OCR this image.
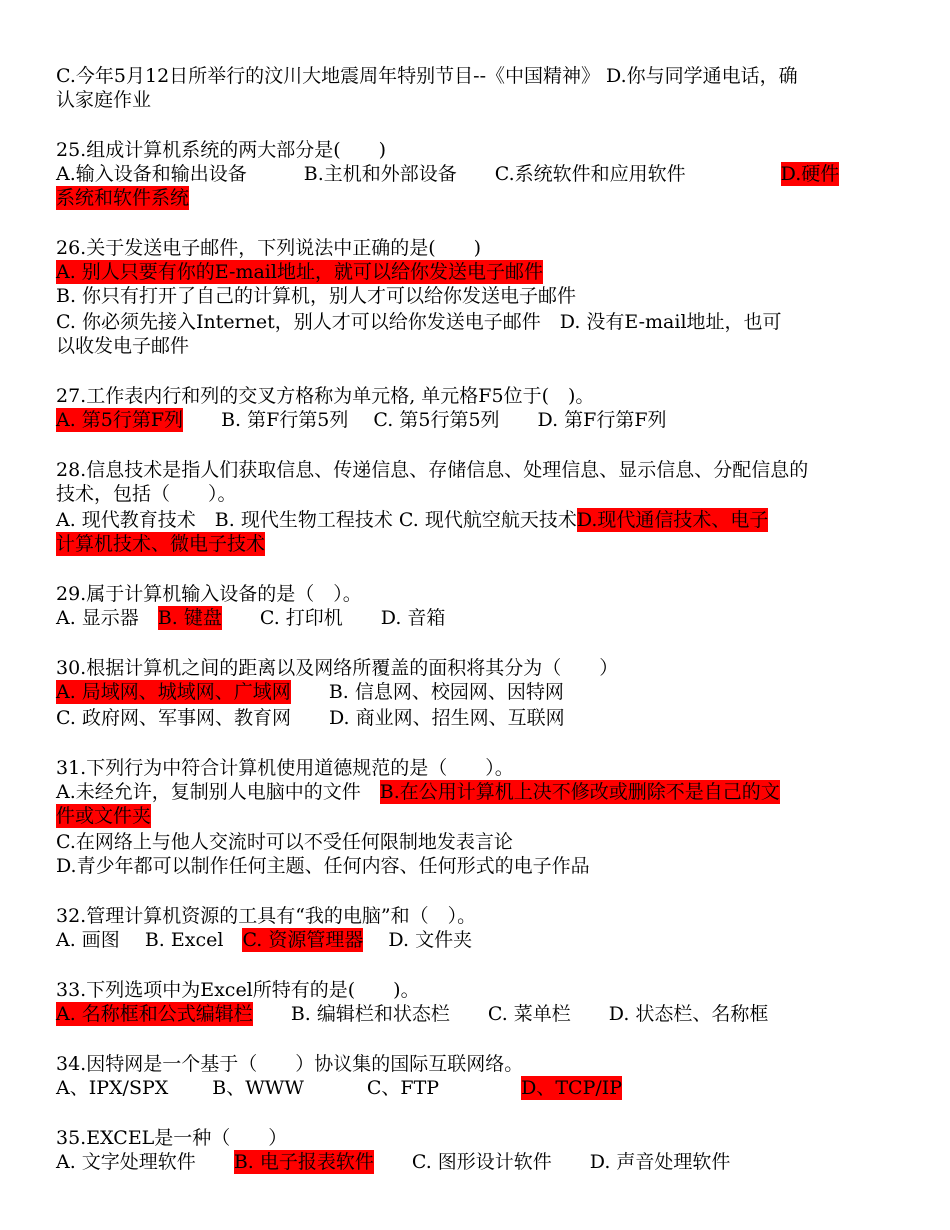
C.今年5月12日所举行的汶川大地震周年特别节目--《中国精神》 D.你与同学通电话，确
认家庭作业
25.组成计算机系统的两大部分是(　　)
A.输入设备和输出设备　　　B.主机和外部设备　　C.系统软件和应用软件　　　　　D.硬件
系统和软件系统
26.关于发送电子邮件，下列说法中正确的是(　　)
A. 别人只要有你的E-mail地址，就可以给你发送电子邮件
B. 你只有打开了自己的计算机，别人才可以给你发送电子邮件
C. 你必须先接入Internet，别人才可以给你发送电子邮件　D. 没有E-mail地址，也可
以收发电子邮件
27.工作表内行和列的交叉方格称为单元格, 单元格F5位于(　)。
A. 第5行第F列　　B. 第F行第5列　 C. 第5行第5列　　D. 第F行第F列
28.信息技术是指人们获取信息、传递信息、存储信息、处理信息、显示信息、分配信息的
技术，包括（　　）。
A. 现代教育技术　B. 现代生物工程技术 C. 现代航空航天技术D.现代通信技术、电子
计算机技术、微电子技术
29.属于计算机输入设备的是（　）。
A. 显示器　B. 键盘　　C. 打印机　　D. 音箱
30.根据计算机之间的距离以及网络所覆盖的面积将其分为（　　）
A. 局域网、城域网、广域网　　B. 信息网、校园网、因特网
C. 政府网、军事网、教育网　　D. 商业网、招生网、互联网
31.下列行为中符合计算机使用道德规范的是（　　）。
A.未经允许，复制别人电脑中的文件　B.在公用计算机上决不修改或删除不是自己的文
件或文件夹
C.在网络上与他人交流时可以不受任何限制地发表言论
D.青少年都可以制作任何主题、任何内容、任何形式的电子作品
32.管理计算机资源的工具有“我的电脑”和（　）。
A. 画图　 B. Excel　C. 资源管理器　 D. 文件夹
33.下列选项中为Excel所特有的是(　　)。
A. 名称框和公式编辑栏　　B. 编辑栏和状态栏　　C. 菜单栏　　D. 状态栏、名称框
34.因特网是一个基于（　　）协议集的国际互联网络。
A、IPX/SPX　　 B、WWW　　　 C、FTP　　　　 D、TCP/IP
35.EXCEL是一种（　　）
A. 文字处理软件　　B. 电子报表软件　　C. 图形设计软件　　D. 声音处理软件
